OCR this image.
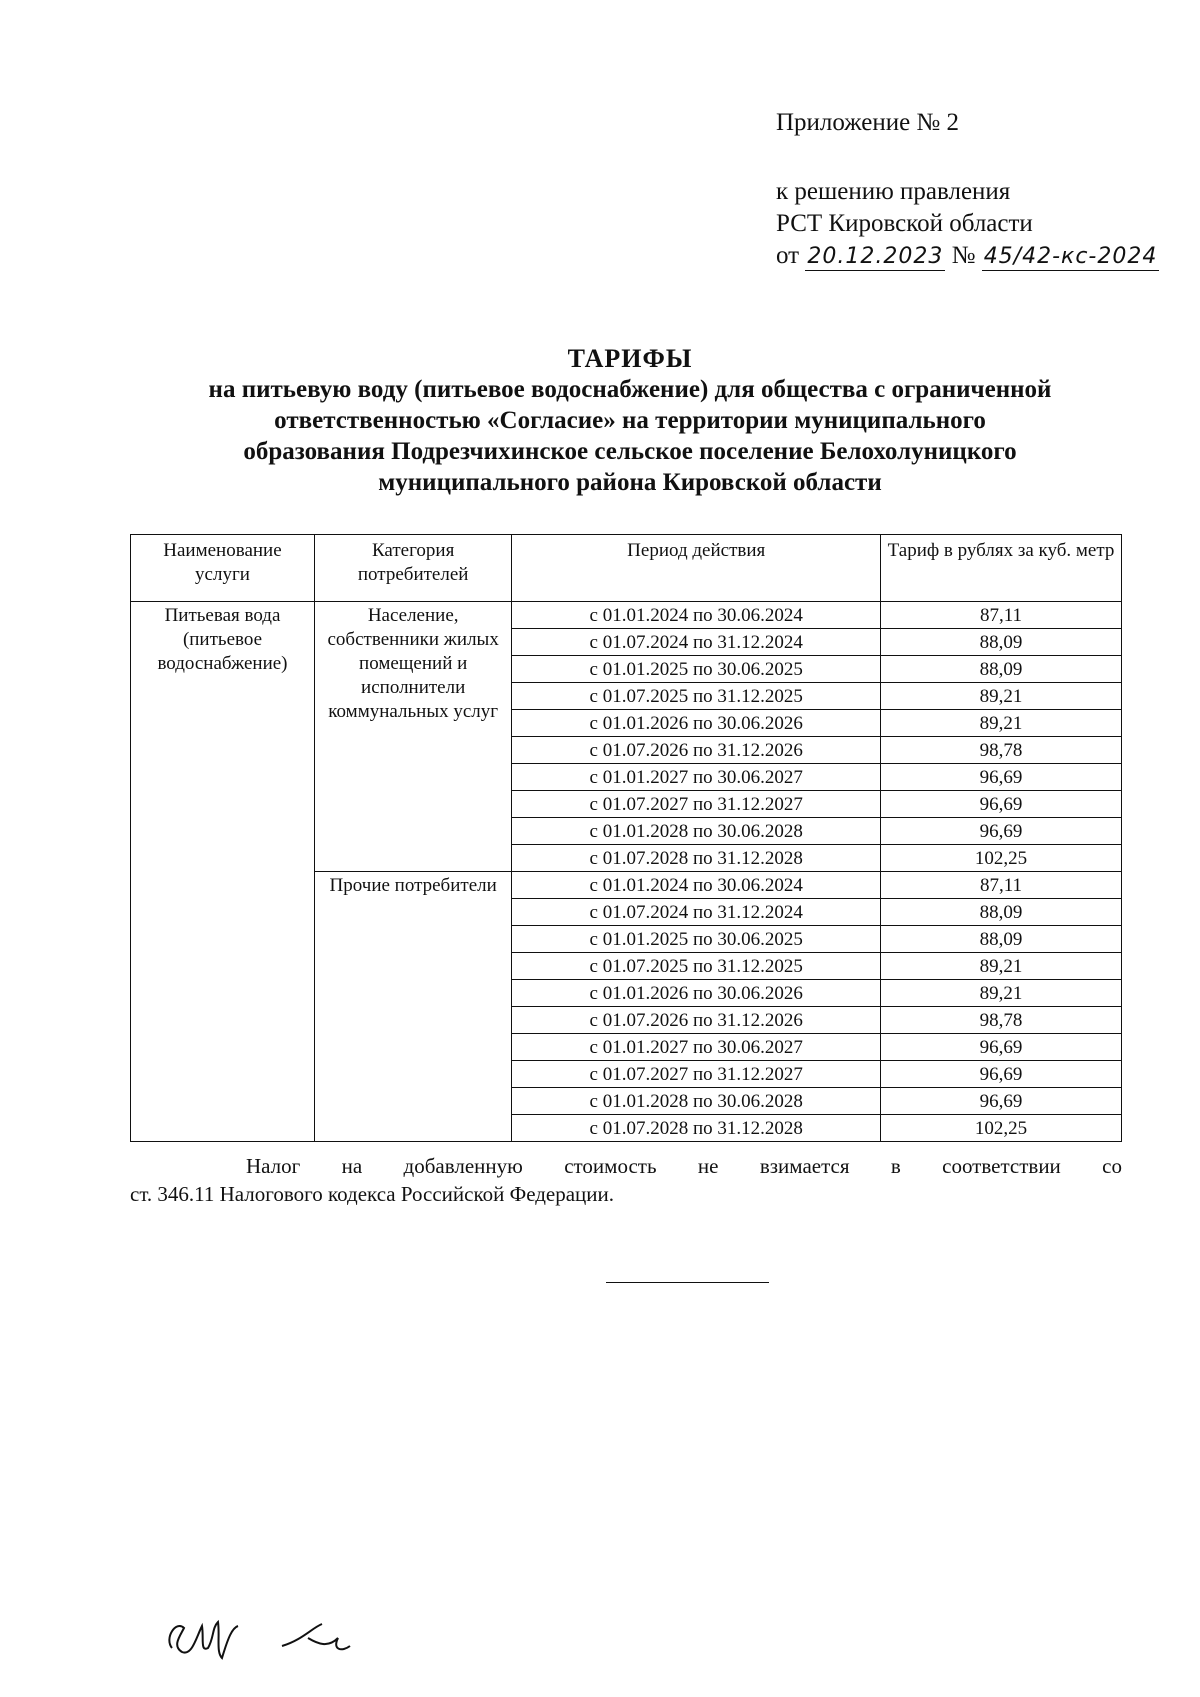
Приложение № 2
к решению правления
РСТ Кировской области
от 20.12.2023 № 45/42-кс-2024
ТАРИФЫ
на питьевую воду (питьевое водоснабжение) для общества с ограниченной
ответственностью «Согласие» на территории муниципального
образования Подрезчихинское сельское поселение Белохолуницкого
муниципального района Кировской области
Наименование услуги	Категория потребителей	Период действия	Тариф в рублях за куб. метр
Питьевая вода (питьевое водоснабжение)	Население, собственники жилых помещений и исполнители коммунальных услуг	с 01.01.2024 по 30.06.2024	87,11
		с 01.07.2024 по 31.12.2024	88,09
		с 01.01.2025 по 30.06.2025	88,09
		с 01.07.2025 по 31.12.2025	89,21
		с 01.01.2026 по 30.06.2026	89,21
		с 01.07.2026 по 31.12.2026	98,78
		с 01.01.2027 по 30.06.2027	96,69
		с 01.07.2027 по 31.12.2027	96,69
		с 01.01.2028 по 30.06.2028	96,69
		с 01.07.2028 по 31.12.2028	102,25
	Прочие потребители	с 01.01.2024 по 30.06.2024	87,11
		с 01.07.2024 по 31.12.2024	88,09
		с 01.01.2025 по 30.06.2025	88,09
		с 01.07.2025 по 31.12.2025	89,21
		с 01.01.2026 по 30.06.2026	89,21
		с 01.07.2026 по 31.12.2026	98,78
		с 01.01.2027 по 30.06.2027	96,69
		с 01.07.2027 по 31.12.2027	96,69
		с 01.01.2028 по 30.06.2028	96,69
		с 01.07.2028 по 31.12.2028	102,25
Налог на добавленную стоимость не взимается в соответствии со
ст. 346.11 Налогового кодекса Российской Федерации.
